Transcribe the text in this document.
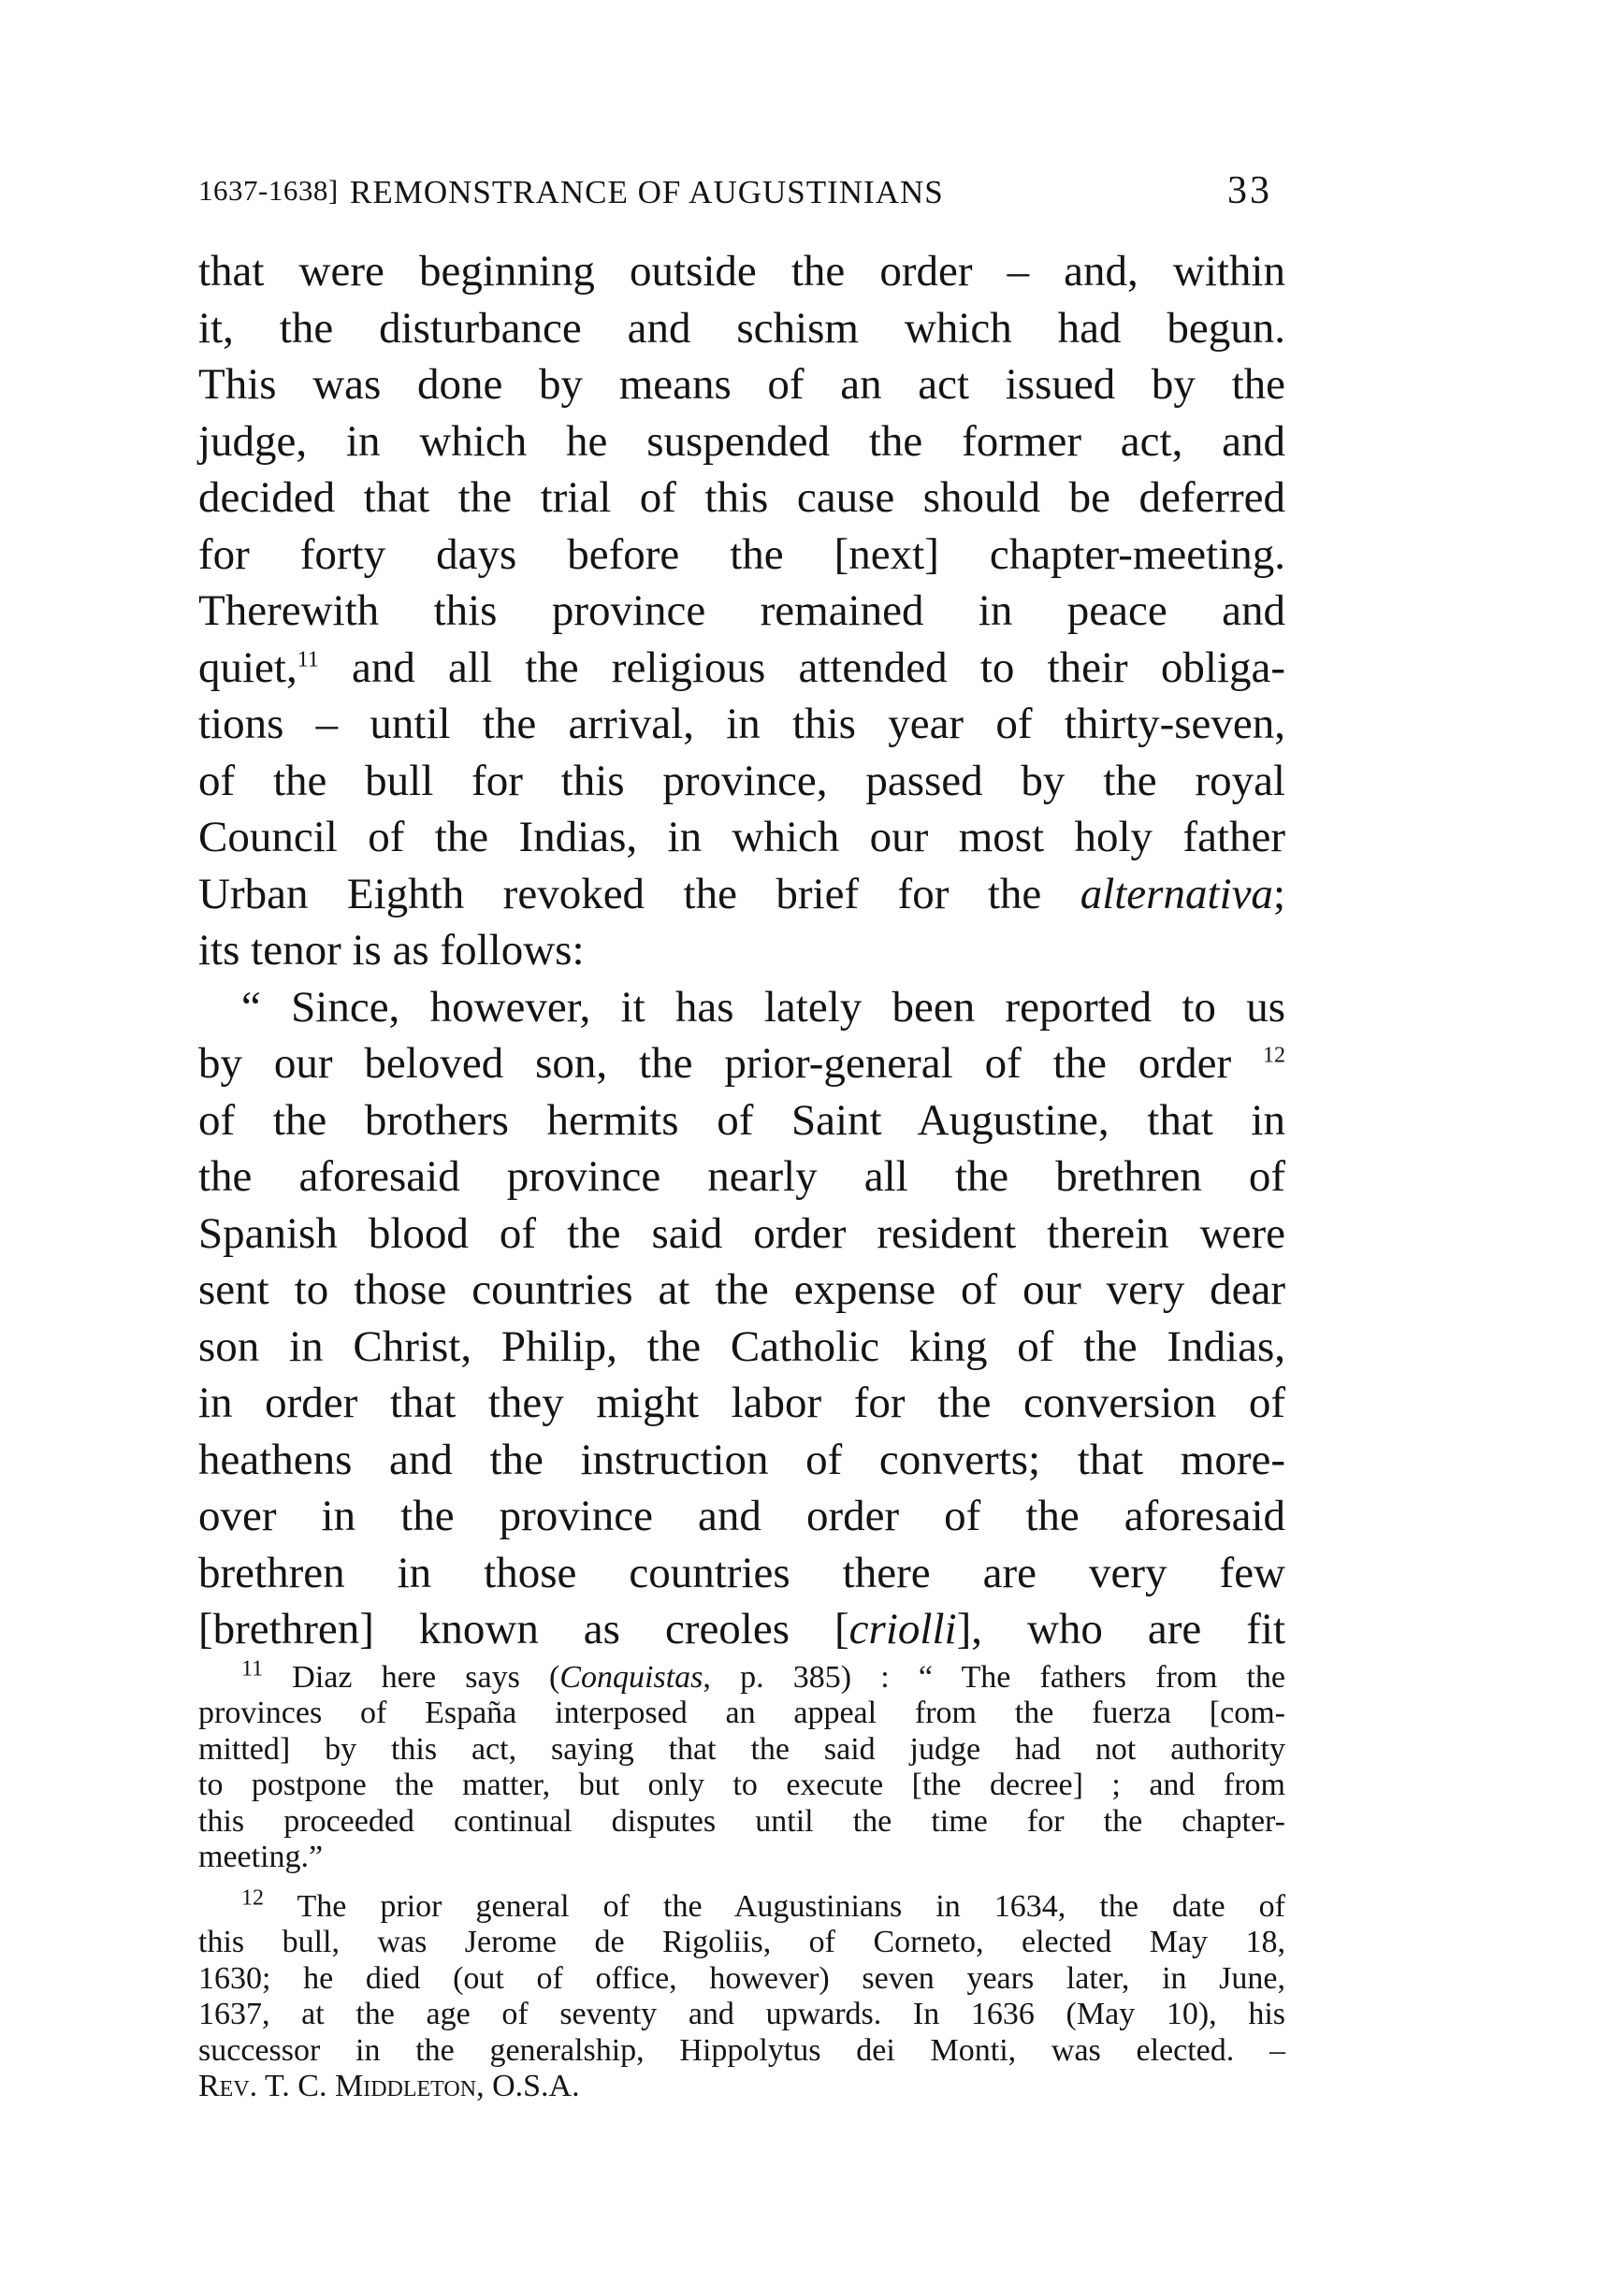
1637-1638] REMONSTRANCE OF AUGUSTINIANS	33

that were beginning outside the order – and, within

it, the disturbance and schism which had begun.

This was done by means of an act issued by the

judge, in which he suspended the former act, and

decided that the trial of this cause should be deferred

for forty days before the [next] chapter-meeting.

Therewith this province remained in peace and

quiet,$^{11}$ and all the religious attended to their obliga-

tions – until the arrival, in this year of thirty-seven,

of the bull for this province, passed by the royal

Council of the Indias, in which our most holy father

Urban Eighth revoked the brief for the alternativa;

its tenor is as follows:

“ Since, however, it has lately been reported to us

by our beloved son, the prior-general of the order $^{12}$

of the brothers hermits of Saint Augustine, that in

the aforesaid province nearly all the brethren of

Spanish blood of the said order resident therein were

sent to those countries at the expense of our very dear

son in Christ, Philip, the Catholic king of the Indias,

in order that they might labor for the conversion of

heathens and the instruction of converts; that more-

over in the province and order of the aforesaid

brethren in those countries there are very few

[brethren] known as creoles [criolli], who are fit

$^{11}$ Diaz here says (Conquistas, p. 385) : “ The fathers from the

provinces of España interposed an appeal from the fuerza [com-

mitted] by this act, saying that the said judge had not authority

to postpone the matter, but only to execute [the decree] ; and from

this proceeded continual disputes until the time for the chapter-

meeting.”

$^{12}$ The prior general of the Augustinians in 1634, the date of

this bull, was Jerome de Rigoliis, of Corneto, elected May 18,

1630; he died (out of office, however) seven years later, in June,

1637, at the age of seventy and upwards. In 1636 (May 10), his

successor in the generalship, Hippolytus dei Monti, was elected. –

Rev. T. C. Middleton, O.S.A.
